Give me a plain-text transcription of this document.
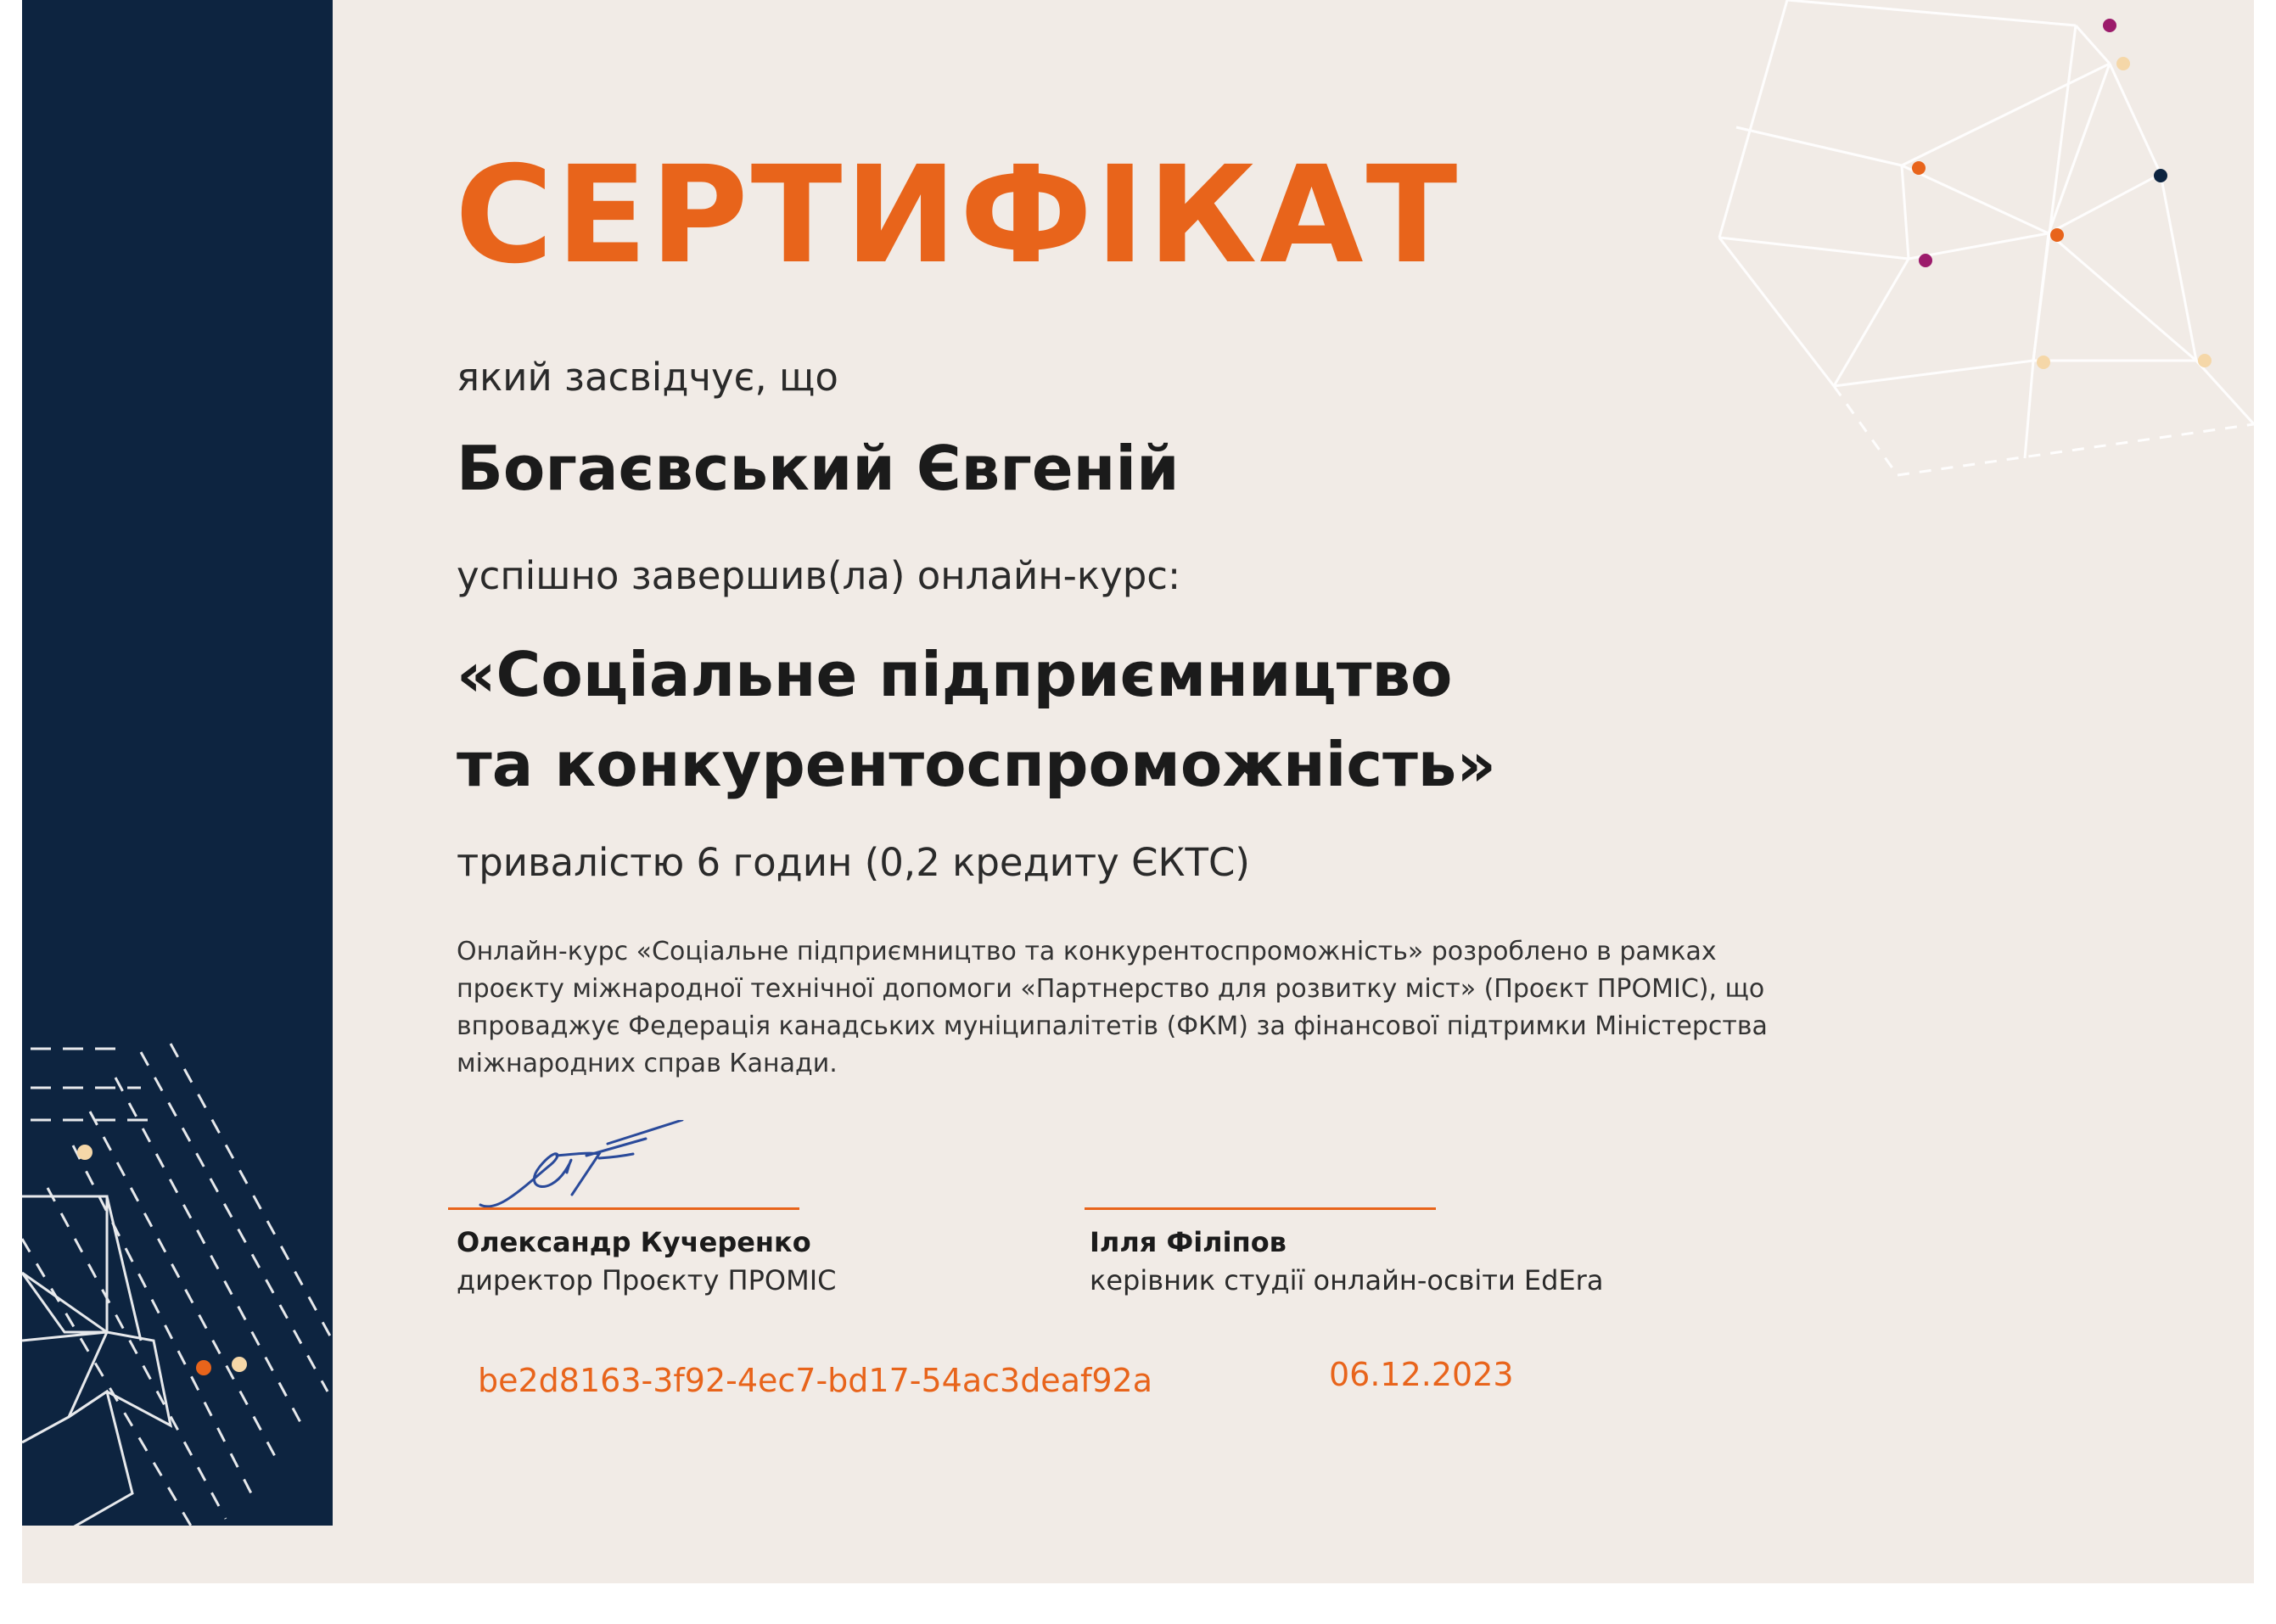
СЕРТИФІКАТ
який засвідчує, що
Богаєвський Євгеній
успішно завершив(ла) онлайн-курс:
«Соціальне підприємництво
та конкурентоспроможність»
тривалістю 6 годин (0,2 кредиту ЄКТС)
Онлайн-курс «Соціальне підприємництво та конкурентоспроможність» розроблено в рамках
проєкту міжнародної технічної допомоги «Партнерство для розвитку міст» (Проєкт ПРОМІС), що
впроваджує Федерація канадських муніципалітетів (ФКМ) за фінансової підтримки Міністерства
міжнародних справ Канади.
Олександр Кучеренко
директор Проєкту ПРОМІС
Ілля Філіпов
керівник студії онлайн-освіти EdEra
be2d8163-3f92-4ec7-bd17-54ac3deaf92a	06.12.2023
